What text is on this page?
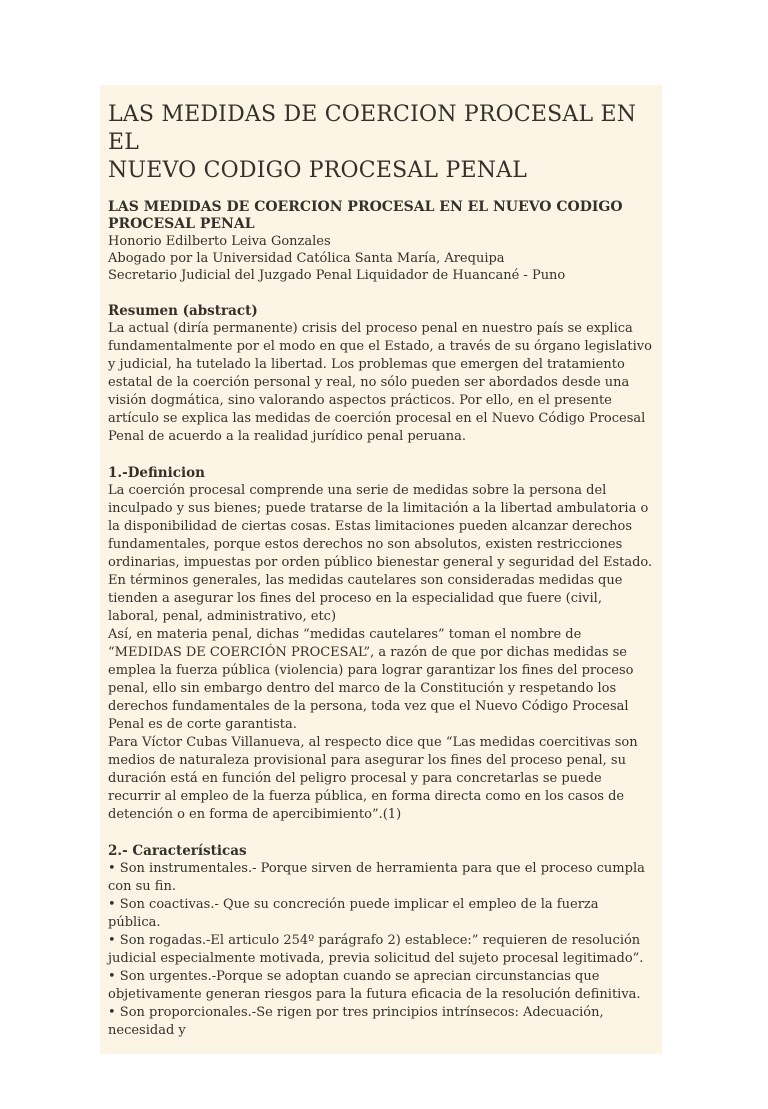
LAS MEDIDAS DE COERCION PROCESAL EN EL
NUEVO CODIGO PROCESAL PENAL
LAS MEDIDAS DE COERCION PROCESAL EN EL NUEVO CODIGO
PROCESAL PENAL

Honorio Edilberto Leiva Gonzales

Abogado por la Universidad Católica Santa María, Arequipa

Secretario Judicial del Juzgado Penal Liquidador de Huancané - Puno

Resumen (abstract)

La actual (diría permanente) crisis del proceso penal en nuestro país se explica fundamentalmente por el modo en que el Estado, a través de su órgano legislativo y judicial, ha tutelado la libertad. Los problemas que emergen del tratamiento estatal de la coerción personal y real, no sólo pueden ser abordados desde una visión dogmática, sino valorando aspectos prácticos. Por ello, en el presente artículo se explica las medidas de coerción procesal en el Nuevo Código Procesal Penal de acuerdo a la realidad jurídico penal peruana.

1.-Definicion

La coerción procesal comprende una serie de medidas sobre la persona del inculpado y sus bienes; puede tratarse de la limitación a la libertad ambulatoria o la disponibilidad de ciertas cosas. Estas limitaciones pueden alcanzar derechos fundamentales, porque estos derechos no son absolutos, existen restricciones ordinarias, impuestas por orden público bienestar general y seguridad del Estado.

En términos generales, las medidas cautelares son consideradas medidas que tienden a asegurar los fines del proceso en la especialidad que fuere (civil, laboral, penal, administrativo, etc)

Así, en materia penal, dichas “medidas cautelares” toman el nombre de “MEDIDAS DE COERCIÓN PROCESAL”, a razón de que por dichas medidas se emplea la fuerza pública (violencia) para lograr garantizar los fines del proceso penal, ello sin embargo dentro del marco de la Constitución y respetando los derechos fundamentales de la persona, toda vez que el Nuevo Código Procesal Penal es de corte garantista.

Para Víctor Cubas Villanueva, al respecto dice que “Las medidas coercitivas son medios de naturaleza provisional para asegurar los fines del proceso penal, su duración está en función del peligro procesal y para concretarlas se puede recurrir al empleo de la fuerza pública, en forma directa como en los casos de detención o en forma de apercibimiento”.(1)

2.- Características

• Son instrumentales.- Porque sirven de herramienta para que el proceso cumpla con su fin.

• Son coactivas.- Que su concreción puede implicar el empleo de la fuerza pública.

• Son rogadas.-El articulo 254º parágrafo 2) establece:” requieren de resolución judicial especialmente motivada, previa solicitud del sujeto procesal legitimado”.

• Son urgentes.-Porque se adoptan cuando se aprecian circunstancias que objetivamente generan riesgos para la futura eficacia de la resolución definitiva.

• Son proporcionales.-Se rigen por tres principios intrínsecos: Adecuación, necesidad y
